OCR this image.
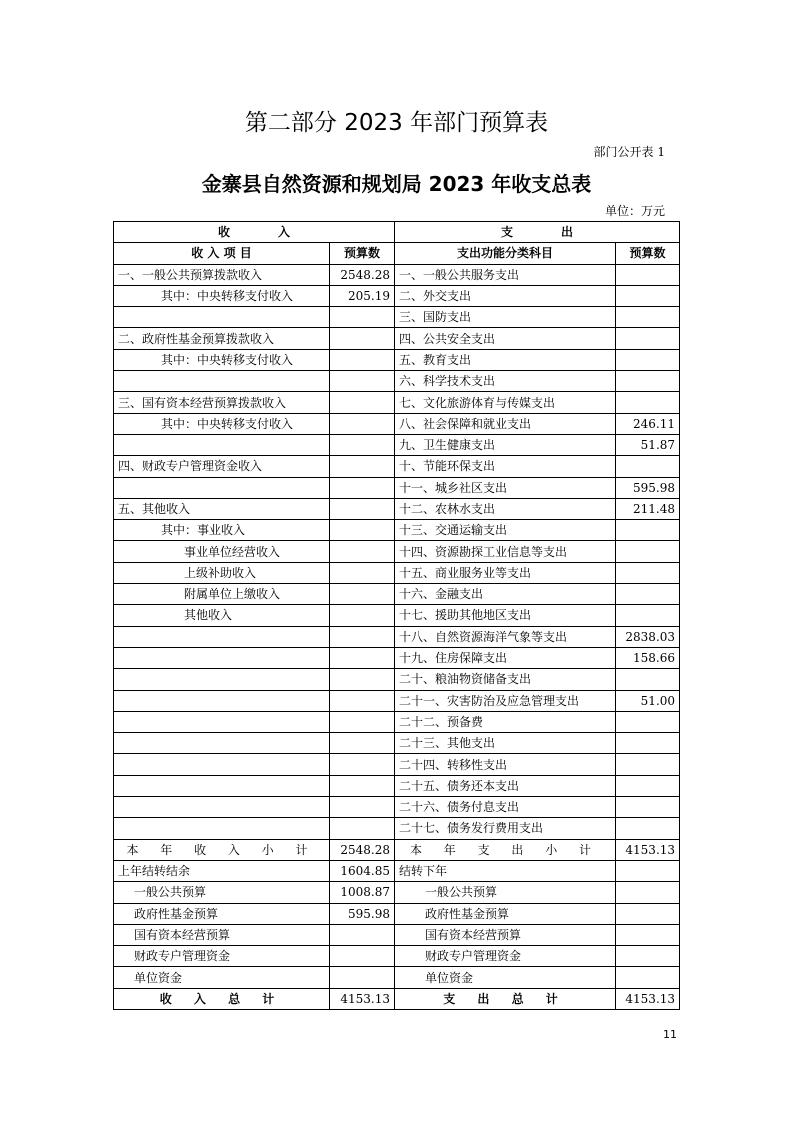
第二部分 2023 年部门预算表
部门公开表 1
金寨县自然资源和规划局 2023 年收支总表
单位：万元
收　　　　入		支　　　　出	
收 入 项 目	预算数	支出功能分类科目	预算数
一、一般公共预算拨款收入	2548.28	一、一般公共服务支出	
其中：中央转移支付收入	205.19	二、外交支出	
		三、国防支出	
二、政府性基金预算拨款收入		四、公共安全支出	
其中：中央转移支付收入		五、教育支出	
		六、科学技术支出	
三、国有资本经营预算拨款收入		七、文化旅游体育与传媒支出	
其中：中央转移支付收入		八、社会保障和就业支出	246.11
		九、卫生健康支出	51.87
四、财政专户管理资金收入		十、节能环保支出	
		十一、城乡社区支出	595.98
五、其他收入		十二、农林水支出	211.48
其中：事业收入		十三、交通运输支出	
事业单位经营收入		十四、资源勘探工业信息等支出	
上级补助收入		十五、商业服务业等支出	
附属单位上缴收入		十六、金融支出	
其他收入		十七、援助其他地区支出	
		十八、自然资源海洋气象等支出	2838.03
		十九、住房保障支出	158.66
		二十、粮油物资储备支出	
		二十一、灾害防治及应急管理支出	51.00
		二十二、预备费	
		二十三、其他支出	
		二十四、转移性支出	
		二十五、债务还本支出	
		二十六、债务付息支出	
		二十七、债务发行费用支出	
本 年 收 入 小 计	2548.28	本 年 支 出 小 计	4153.13
上年结转结余	1604.85	结转下年	
一般公共预算	1008.87	一般公共预算	
政府性基金预算	595.98	政府性基金预算	
国有资本经营预算		国有资本经营预算	
财政专户管理资金		财政专户管理资金	
单位资金		单位资金	
收 入 总 计	4153.13	支 出 总 计	4153.13
11
